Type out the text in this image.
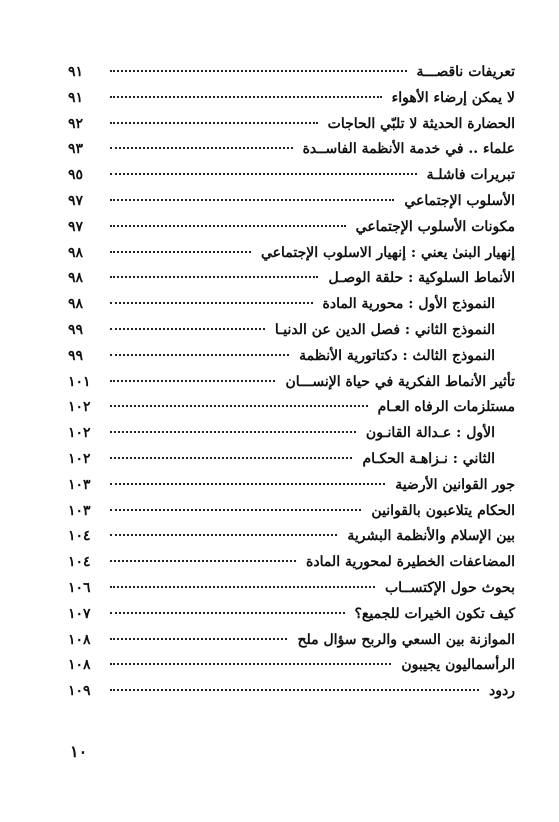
تعريفات ناقصـــة
٩١
لا يمكن إرضاء الأهواء
٩١
الحضارة الحديثة لا تلبّي الحاجات
٩٢
علماء .. في خدمة الأنظمة الفاســدة
٩٣
تبريرات فاشلـة
٩٥
الأسلوب الإجتماعي
٩٧
مكونات الأسلوب الإجتماعي
٩٧
إنهيار البنىٰ يعني : إنهيار الاسلوب الإجتماعي
٩٨
الأنماط السلوكية : حلقة الوصـل
٩٨
النموذج الأول : محورية المادة
٩٨
النموذج الثاني : فصل الدين عن الدنيـا
٩٩
النموذج الثالث : دكتاتورية الأنظمة
٩٩
تأثير الأنماط الفكرية في حياة الإنســـان
١٠١
مستلزمات الرفاه العـام
١٠٢
الأول : عـدالة القانـون
١٠٢
الثاني : نـزاهـة الحكـام
١٠٢
جور القوانين الأرضية
١٠٣
الحكام يتلاعبون بالقوانين
١٠٣
بين الإسلام والأنظمة البشرية
١٠٤
المضاعفات الخطيرة لمحورية المادة
١٠٤
بحوث حول الإكتســاب
١٠٦
كيف تكون الخيرات للجميع؟
١٠٧
الموازنة بين السعي والربح سؤال ملح
١٠٨
الرأسماليون يجيبون
١٠٨
ردود
١٠٩
١٠
